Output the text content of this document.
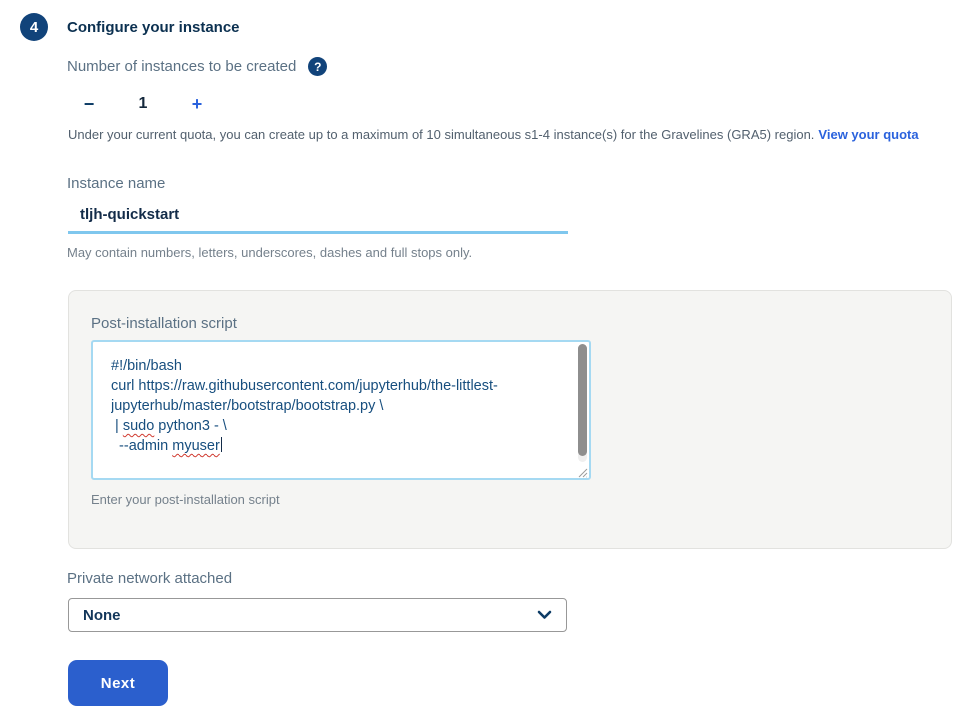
4 Configure your instance
Number of instances to be created ?
−	1	+

Under your current quota, you can create up to a maximum of 10 simultaneous s1-4 instance(s) for the Gravelines (GRA5) region. View your quota

Instance name
tljh-quickstart

May contain numbers, letters, underscores, dashes and full stops only.

Post-installation script
#!/bin/bash
curl https://raw.githubusercontent.com/jupyterhub/the-littlest-
jupyterhub/master/bootstrap/bootstrap.py \
| sudo python3 - \
--admin myuser

Enter your post-installation script

Private network attached
None
Next
